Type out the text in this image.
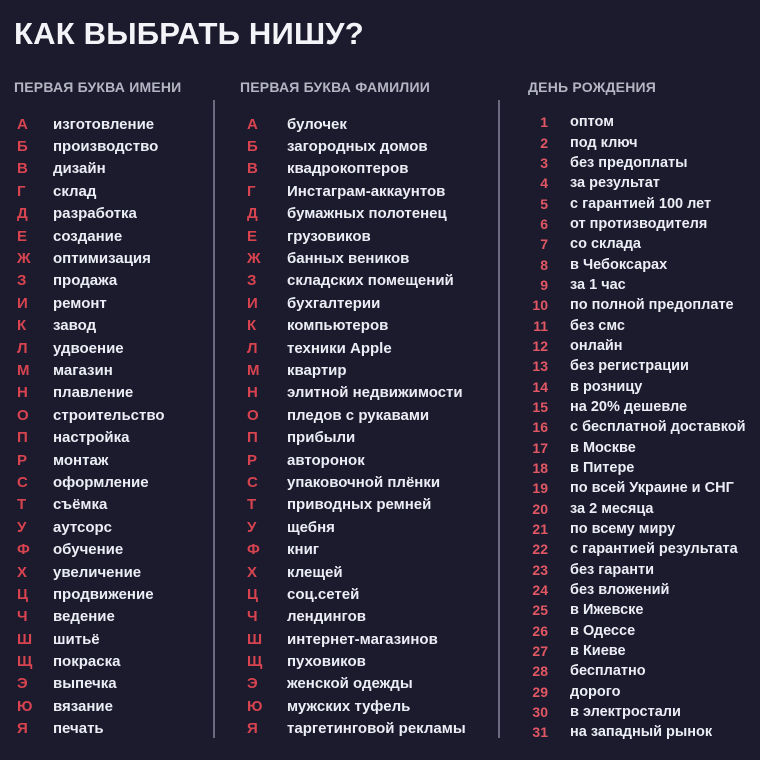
КАК ВЫБРАТЬ НИШУ?
ПЕРВАЯ БУКВА ИМЕНИ	ПЕРВАЯ БУКВА ФАМИЛИИ	ДЕНЬ РОЖДЕНИЯ
А	изготовление
Б	производство
В	дизайн
Г	склад
Д	разработка
Е	создание
Ж	оптимизация
З	продажа
И	ремонт
К	завод
Л	удвоение
М	магазин
Н	плавление
О	строительство
П	настройка
Р	монтаж
С	оформление
Т	съёмка
У	аутсорс
Ф	обучение
Х	увеличение
Ц	продвижение
Ч	ведение
Ш	шитьё
Щ	покраска
Э	выпечка
Ю	вязание
Я	печать
А	булочек
Б	загородных домов
В	квадрокоптеров
Г	Инстаграм-аккаунтов
Д	бумажных полотенец
Е	грузовиков
Ж	банных веников
З	складских помещений
И	бухгалтерии
К	компьютеров
Л	техники Apple
М	квартир
Н	элитной недвижимости
О	пледов с рукавами
П	прибыли
Р	авторонок
С	упаковочной плёнки
Т	приводных ремней
У	щебня
Ф	книг
Х	клещей
Ц	соц.сетей
Ч	лендингов
Ш	интернет-магазинов
Щ	пуховиков
Э	женской одежды
Ю	мужских туфель
Я	таргетинговой рекламы
1 оптом
2 под ключ
3 без предоплаты
4 за результат
5 с гарантией 100 лет
6 от протизводителя
7 со склада
8 в Чебоксарах
9 за 1 час
10 по полной предоплате
11 без смс
12 онлайн
13 без регистрации
14 в розницу
15 на 20% дешевле
16 с бесплатной доставкой
17 в Москве
18 в Питере
19 по всей Украине и СНГ
20 за 2 месяца
21 по всему миру
22 с гарантией результата
23 без гаранти
24 без вложений
25 в Ижевске
26 в Одессе
27 в Киеве
28 бесплатно
29 дорого
30 в электростали
31 на западный рынок
